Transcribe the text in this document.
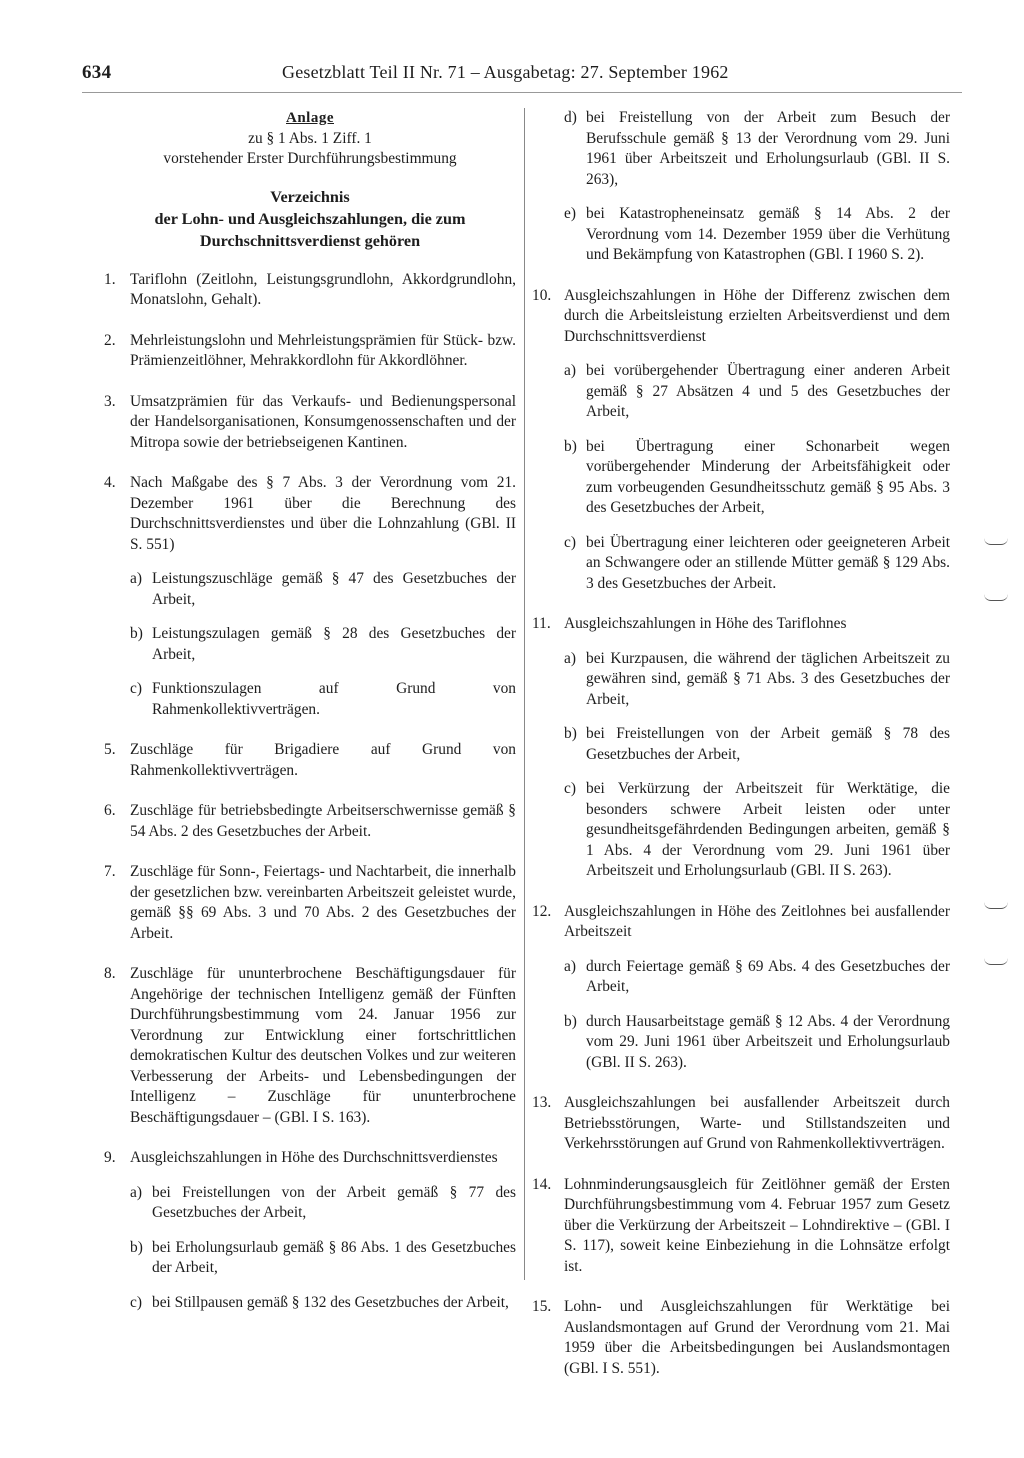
634	Gesetzblatt Teil II Nr. 71 – Ausgabetag: 27. September 1962
Anlage
zu § 1 Abs. 1 Ziff. 1
vorstehender Erster Durchführungsbestimmung
Verzeichnis
der Lohn- und Ausgleichszahlungen, die zum
Durchschnittsverdienst gehören
1. Tariflohn (Zeitlohn, Leistungsgrundlohn, Akkordgrundlohn, Monatslohn, Gehalt).
2. Mehrleistungslohn und Mehrleistungsprämien für Stück- bzw. Prämienzeitlöhner, Mehrakkordlohn für Akkordlöhner.
3. Umsatzprämien für das Verkaufs- und Bedienungspersonal der Handelsorganisationen, Konsumgenossenschaften und der Mitropa sowie der betriebseigenen Kantinen.
4. Nach Maßgabe des § 7 Abs. 3 der Verordnung vom 21. Dezember 1961 über die Berechnung des Durchschnittsverdienstes und über die Lohnzahlung (GBl. II S. 551)
a) Leistungszuschläge gemäß § 47 des Gesetzbuches der Arbeit,
b) Leistungszulagen gemäß § 28 des Gesetzbuches der Arbeit,
c) Funktionszulagen auf Grund von Rahmenkollektivverträgen.
5. Zuschläge für Brigadiere auf Grund von Rahmenkollektivverträgen.
6. Zuschläge für betriebsbedingte Arbeitserschwernisse gemäß § 54 Abs. 2 des Gesetzbuches der Arbeit.
7. Zuschläge für Sonn-, Feiertags- und Nachtarbeit, die innerhalb der gesetzlichen bzw. vereinbarten Arbeitszeit geleistet wurde, gemäß §§ 69 Abs. 3 und 70 Abs. 2 des Gesetzbuches der Arbeit.
8. Zuschläge für ununterbrochene Beschäftigungsdauer für Angehörige der technischen Intelligenz gemäß der Fünften Durchführungsbestimmung vom 24. Januar 1956 zur Verordnung zur Entwicklung einer fortschrittlichen demokratischen Kultur des deutschen Volkes und zur weiteren Verbesserung der Arbeits- und Lebensbedingungen der Intelligenz – Zuschläge für ununterbrochene Beschäftigungsdauer – (GBl. I S. 163).
9. Ausgleichszahlungen in Höhe des Durchschnittsverdienstes
a) bei Freistellungen von der Arbeit gemäß § 77 des Gesetzbuches der Arbeit,
b) bei Erholungsurlaub gemäß § 86 Abs. 1 des Gesetzbuches der Arbeit,
c) bei Stillpausen gemäß § 132 des Gesetzbuches der Arbeit,
d) bei Freistellung von der Arbeit zum Besuch der Berufsschule gemäß § 13 der Verordnung vom 29. Juni 1961 über Arbeitszeit und Erholungsurlaub (GBl. II S. 263),
e) bei Katastropheneinsatz gemäß § 14 Abs. 2 der Verordnung vom 14. Dezember 1959 über die Verhütung und Bekämpfung von Katastrophen (GBl. I 1960 S. 2).
10. Ausgleichszahlungen in Höhe der Differenz zwischen dem durch die Arbeitsleistung erzielten Arbeitsverdienst und dem Durchschnittsverdienst
a) bei vorübergehender Übertragung einer anderen Arbeit gemäß § 27 Absätzen 4 und 5 des Gesetzbuches der Arbeit,
b) bei Übertragung einer Schonarbeit wegen vorübergehender Minderung der Arbeitsfähigkeit oder zum vorbeugenden Gesundheitsschutz gemäß § 95 Abs. 3 des Gesetzbuches der Arbeit,
c) bei Übertragung einer leichteren oder geeigneteren Arbeit an Schwangere oder an stillende Mütter gemäß § 129 Abs. 3 des Gesetzbuches der Arbeit.
11. Ausgleichszahlungen in Höhe des Tariflohnes
a) bei Kurzpausen, die während der täglichen Arbeitszeit zu gewähren sind, gemäß § 71 Abs. 3 des Gesetzbuches der Arbeit,
b) bei Freistellungen von der Arbeit gemäß § 78 des Gesetzbuches der Arbeit,
c) bei Verkürzung der Arbeitszeit für Werktätige, die besonders schwere Arbeit leisten oder unter gesundheitsgefährdenden Bedingungen arbeiten, gemäß § 1 Abs. 4 der Verordnung vom 29. Juni 1961 über Arbeitszeit und Erholungsurlaub (GBl. II S. 263).
12. Ausgleichszahlungen in Höhe des Zeitlohnes bei ausfallender Arbeitszeit
a) durch Feiertage gemäß § 69 Abs. 4 des Gesetzbuches der Arbeit,
b) durch Hausarbeitstage gemäß § 12 Abs. 4 der Verordnung vom 29. Juni 1961 über Arbeitszeit und Erholungsurlaub (GBl. II S. 263).
13. Ausgleichszahlungen bei ausfallender Arbeitszeit durch Betriebsstörungen, Warte- und Stillstandszeiten und Verkehrsstörungen auf Grund von Rahmenkollektivverträgen.
14. Lohnminderungsausgleich für Zeitlöhner gemäß der Ersten Durchführungsbestimmung vom 4. Februar 1957 zum Gesetz über die Verkürzung der Arbeitszeit – Lohndirektive – (GBl. I S. 117), soweit keine Einbeziehung in die Lohnsätze erfolgt ist.
15. Lohn- und Ausgleichszahlungen für Werktätige bei Auslandsmontagen auf Grund der Verordnung vom 21. Mai 1959 über die Arbeitsbedingungen bei Auslandsmontagen (GBl. I S. 551).
